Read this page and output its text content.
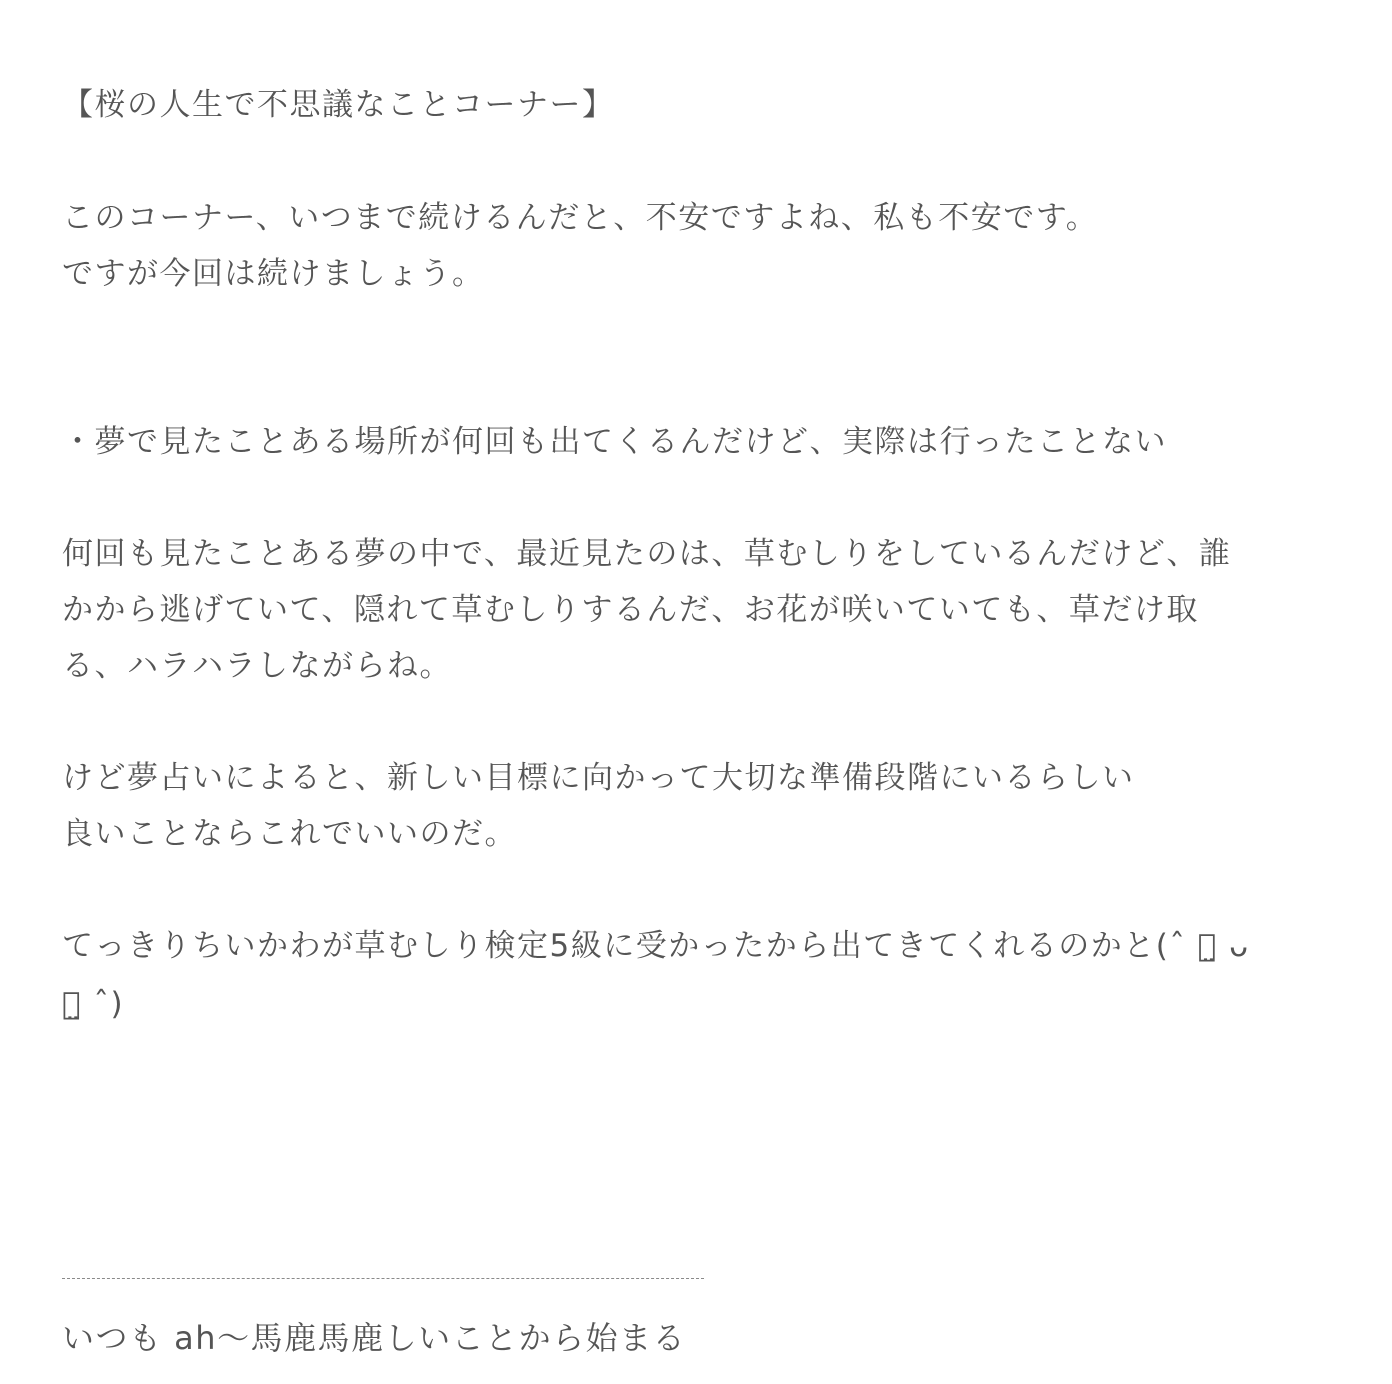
【桜の人生で不思議なことコーナー】
このコーナー、いつまで続けるんだと、不安ですよね、私も不安です。
ですが今回は続けましょう。
・夢で見たことある場所が何回も出てくるんだけど、実際は行ったことない
何回も見たことある夢の中で、最近見たのは、草むしりをしているんだけど、誰
かから逃げていて、隠れて草むしりするんだ、お花が咲いていても、草だけ取
る、ハラハラしながらね。
けど夢占いによると、新しい目標に向かって大切な準備段階にいるらしい
良いことならこれでいいのだ。
てっきりちいかわが草むしり検定5級に受かったから出てきてくれるのかと(ˆ ๑̤ ᴗ
๑̤ ˆ)
いつも ah〜馬鹿馬鹿しいことから始まる
